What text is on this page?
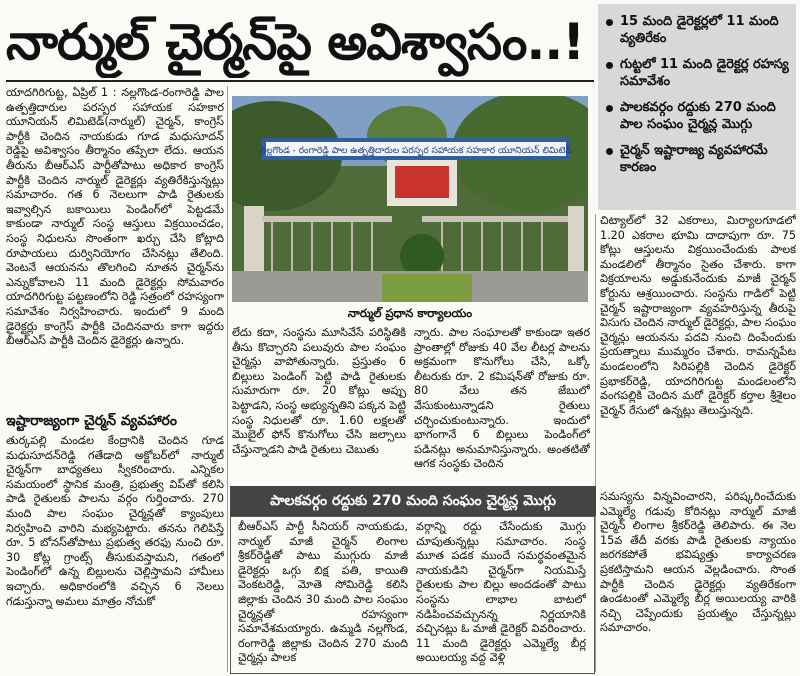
నార్ముల్ చైర్మన్‌పై అవిశ్వాసం..!	15 మంది డైరెక్టర్లలో 11 మంది వ్యతిరేకం
గుట్టలో 11 మంది డైరెక్టర్ల రహస్య సమావేశం
పాలకవర్గం రద్దుకు 270 మంది పాల సంఘం చైర్మన్ల మొగ్గు
చైర్మన్ ఇష్టారాజ్య వ్యవహారమే కారణం

యాదగిరిగుట్ట, ఏప్రిల్ 1 : నల్లగొండ-రంగారెడ్డి పాల ఉత్పత్తిదారుల పరస్పర సహాయక సహకార యూనియన్ లిమిటెడ్(నార్ముల్) చైర్మన్, కాంగ్రెస్ పార్టీకి చెందిన నాయకుడు గూడ మధుసూదన్ రెడ్డిపై అవిశ్వాసం తీర్మానం తప్పేలా లేదు. ఆయన తీరును బీఆర్‌ఎస్ పార్టీతోపాటు అధికార కాంగ్రెస్ పార్టీకి చెందిన నార్ముల్ డైరెక్టర్లు వ్యతిరేకిస్తున్నట్లు సమాచారం. గత 6 నెలలుగా పాడి రైతులకు ఇవ్వాల్సిన బకాయిలు పెండింగ్‌లో పెట్టడమే కాకుండా నార్ముల్ సంస్థ ఆస్తులు విక్రయించడం, సంస్థ నిధులను సొంతంగా ఖర్చు చేసి కోట్లాది రూపాయలు దుర్వినియోగం చేసినట్లు తేలింది. వెంటనే ఆయనను తొలగించి నూతన చైర్మన్‌ను ఎన్నుకోవాలని 11 మంది డైరెక్టర్లు సోమవారం యాదగిరిగుట్ట పట్టణంలోని రెడ్డి సత్రంలో రహస్యంగా సమావేశం నిర్వహించారు. ఇందులో 9 మంది డైరెక్టర్లు కాంగ్రెస్ పార్టీకి చెందినవారు కాగా ఇద్దరు బీఆర్‌ఎస్ పార్టీకి చెందిన డైరెక్టర్లు ఉన్నారు.

ఇష్టారాజ్యంగా చైర్మన్ వ్యవహారం

తుర్కపల్లి మండల కేంద్రానికి చెందిన గూడ మధుసూదన్‌రెడ్డి గతేడాది అక్టోబర్‌లో నార్ముల్ చైర్మన్‌గా బాధ్యతలు స్వీకరించారు. ఎన్నికల సమయంలో స్థానిక మంత్రి, ప్రభుత్వ విప్‌తో కలిసి పాడి రైతులకు పాలను వర్గం గుర్తించారు. 270 మంది పాల సంఘం చైర్మన్లతో క్యాంపులు నిర్వహించి వారిని మభ్యపెట్టారు. తనను గెలిపిస్తే రూ. 5 బోనస్‌తోపాటు ప్రభుత్వ తరఫు నుంచి రూ. 30 కోట్ల గ్రాంట్స్ తీసుకువస్తామని, గతంలో పెండింగ్‌లో ఉన్న బిల్లులను చెల్లిస్తామని హామీలు ఇచ్చారు. అధికారంలోకి వచ్చిన 6 నెలలు గడుస్తున్నా అమలు మాత్రం నోచుకో

నల్లగొండ - రంగారెడ్డి పాల ఉత్పత్తిదారుల పరస్పర సహాయక సహకార యూనియన్ లిమిటెడ్
నార్ముల్ ప్రధాన కార్యాలయం

లేదు కదా, సంస్థను మూసివేసే పరిస్థితికి తీసు కొచ్చారని పలువురు పాల సంఘం చైర్మన్లు వాపోతున్నారు. ప్రస్తుతం 6 బిల్లులు పెండింగ్ పెట్టి పాడి రైతులకు సుమారుగా రూ. 20 కోట్లు అప్పు పెట్టాడని, సంస్థ అభ్యున్నతిని పక్కన పెట్టి సంస్థ నిధులతో రూ. 1.60 లక్షలతో మొబైల్ ఫోన్ కొనుగోలు చేసి జల్సాలు చేస్తున్నాడని పాడి రైతులు చెబుతు

న్నారు. పాల సంఘాలతో కాకుండా ఇతర ప్రాంతాల్లో రోజుకు 40 వేల లీటర్ల పాలను అక్రమంగా కొనుగోలు చేసి, ఒక్కో లీటరుకు రూ. 2 కమిషన్‌తో రోజుకు రూ. 80 వేలు తన జేబులో వేసుకుంటున్నాడని రైతులు చర్చించుకుంటున్నారు. ఇందులో భాగంగానే 6 బిల్లులు పెండింగ్‌లో పడినట్లు అనుమానిస్తున్నారు. అంతటితో ఆగక సంస్థకు చెందిన

చిట్యాల్‌లో 32 ఎకరాలు, మిర్యాలగూడలో 1.20 ఎకరాల భూమి దాదాపుగా రూ. 75 కోట్లు ఆస్తులను విక్రయించేందుకు పాలక మండలిలో తీర్మానం సైతం చేశారు. కాగా విక్రయాలను అడ్డుకునేందుకు మాజీ చైర్మన్ కోర్టును ఆశ్రయించారు. సంస్థను గాడిలో పెట్టి చైర్మన్ ఇష్టారాజ్యంగా వ్యవహరిస్తున్న తీరుపై విసుగు చెందిన నార్ముల్ డైరెక్టర్లు, పాల సంఘం చైర్మన్లు ఆయనను పదవి నుంచి దింపేందుకు ప్రయత్నాలు ముమ్మరం చేశారు. రామన్నపేట మండలంలోని సిరిపల్లికి చెందిన డైరెక్టర్ ప్రభాకర్‌రెడ్డి, యాదగిరిగుట్ట మండలంలోని వంగపల్లికి చెందిన మరో డైరెక్టర్ కర్తాల శ్రీశైలం చైర్మన్ రేసులో ఉన్నట్లు తెలుస్తున్నది.

పాలకవర్గం రద్దుకు 270 మంది సంఘం చైర్మన్ల మొగ్గు

బీఆర్‌ఎస్ పార్టీ సీనియర్ నాయకుడు, నార్ముల్ మాజీ చైర్మన్ లింగాల శ్రీకర్‌రెడ్డితో పాటు ముగ్గురు మాజీ డైరెక్టర్లు ఒగ్గు బిక్ష పతి, కాయితి వెంకటరెడ్డి, మోతె సోమిరెడ్డి కలిసి జిల్లాకు చెందిన 30 మంది పాల సంఘం చైర్మన్లతో రహస్యంగా సమావేశమయ్యారు. ఉమ్మడి నల్లగొండ, రంగారెడ్డి జిల్లాకు చెందిన 270 మంది చైర్మన్లు పాలక

వర్గాన్ని రద్దు చేసేందుకు మొగ్గు చూపుతున్నట్లు సమాచారం. సంస్థ మూత పడక ముందే సమర్థవంతమైన నాయకుడిని చైర్మన్‌గా నియమిస్తే రైతులకు పాల బిల్లు అందడంతో పాటు సంస్థను లాభాల బాటలో నడిపించవచ్చునన్న నిర్ణయానికి వచ్చినట్లు ఓ మాజీ డైరెక్టర్ వివరించారు. 11 మంది డైరెక్టర్లు ఎమ్మెల్యే బీర్ల అయిలయ్య వద్ద వెళ్లి

సమస్యను విన్నవించారని, పరిష్కరించేదుకు ఎమ్మెల్యే గడువు కోరినట్లు నార్ముల్ మాజీ చైర్మన్ లింగాల శ్రీకర్‌రెడ్డి తెలిపారు. ఈ నెల 15వ తేదీ వరకు పాడి రైతులకు న్యాయం జరగకపోతే భవిష్యత్తు కార్యాచరణ ప్రకటిస్తామని ఆయన వెల్లడించారు. సొంత పార్టీకి చెందిన డైరెక్టర్లు వ్యతిరేకంగా ఉండటంతో ఎమ్మెల్యే బీర్ల అయిలయ్య వారికి నచ్చి చెప్పేందుకు ప్రయత్నం చేస్తున్నట్లు సమాచారం.
